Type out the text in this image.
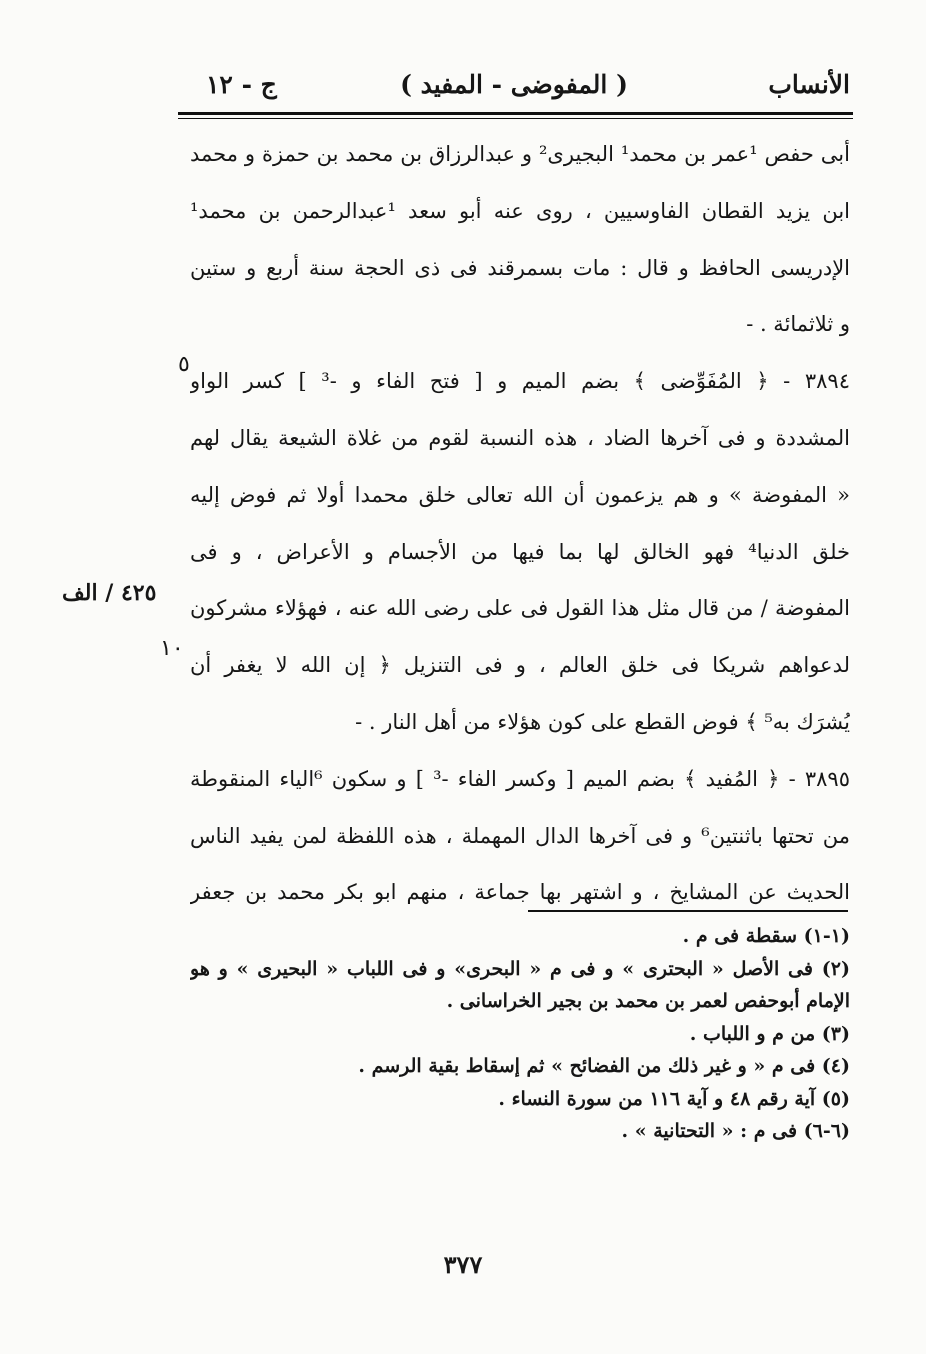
الأنساب
( المفوضى - المفيد )
ج - ١٢
أبى حفص ¹عمر بن محمد¹ البجيرى² و عبدالرزاق بن محمد بن حمزة و محمد
ابن يزيد القطان الفاوسيين ، روى عنه أبو سعد ¹عبدالرحمن بن محمد¹
الإدريسى الحافظ و قال : مات بسمرقند فى ذى الحجة سنة أربع و ستين
و ثلاثمائة . -
٣٨٩٤ - ﴿ المُفَوِّضى ﴾ بضم الميم و [ فتح الفاء و -³ ] كسر الواو
المشددة و فى آخرها الضاد ، هذه النسبة لقوم من غلاة الشيعة يقال لهم
« المفوضة » و هم يزعمون أن الله تعالى خلق محمدا أولا ثم فوض إليه
خلق الدنيا⁴ فهو الخالق لها بما فيها من الأجسام و الأعراض ، و فى
المفوضة / من قال مثل هذا القول فى على رضى الله عنه ، فهؤلاء مشركون
لدعواهم شريكا فى خلق العالم ، و فى التنزيل ﴿ إن الله لا يغفر أن
يُشرَك به⁵ ﴾ فوض القطع على كون هؤلاء من أهل النار . -
٣٨٩٥ - ﴿ المُفيد ﴾ بضم الميم [ وكسر الفاء -³ ] و سكون ⁶الياء المنقوطة
من تحتها باثنتين⁶ و فى آخرها الدال المهملة ، هذه اللفظة لمن يفيد الناس
الحديث عن المشايخ ، و اشتهر بها جماعة ، منهم ابو بكر محمد بن جعفر
٥
٤٢٥ / الف
١٠
(١-١) سقطة فى م .
(٢) فى الأصل « البحترى » و فى م « البحرى» و فى اللباب « البحيرى » و هو
الإمام أبوحفص لعمر بن محمد بن بجير الخراسانى .
(٣) من م و اللباب .
(٤) فى م « و غير ذلك من الفضائح » ثم إسقاط بقية الرسم .
(٥) آية رقم ٤٨ و آية ١١٦ من سورة النساء .
(٦-٦) فى م : « التحتانية » .
٣٧٧
